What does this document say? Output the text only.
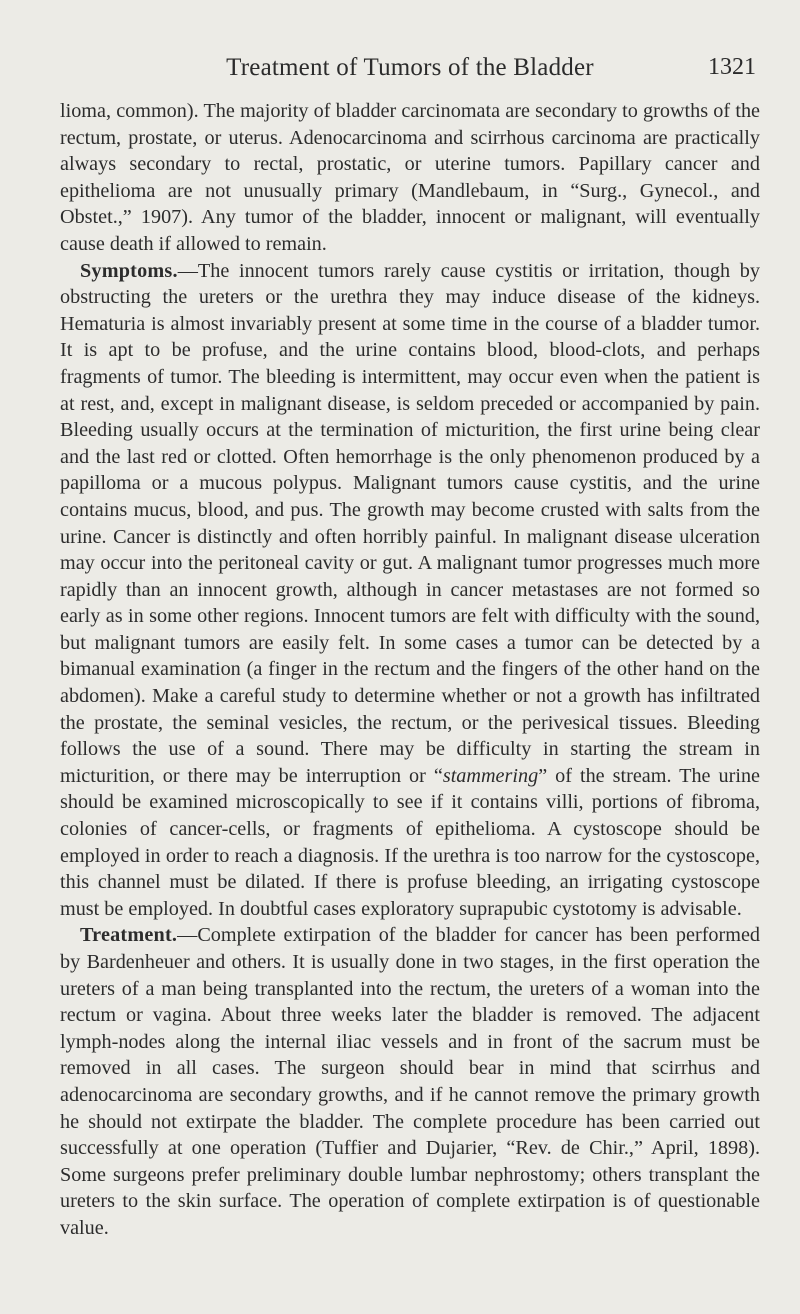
Treatment of Tumors of the Bladder	1321

lioma, common). The majority of bladder carcinomata are secondary to growths of the rectum, prostate, or uterus. Adenocarcinoma and scirrhous carcinoma are practically always secondary to rectal, prostatic, or uterine tumors. Papillary cancer and epithelioma are not unusually primary (Mandlebaum, in “Surg., Gynecol., and Obstet.,” 1907). Any tumor of the bladder, innocent or malignant, will eventually cause death if allowed to remain.

Symptoms.—The innocent tumors rarely cause cystitis or irritation, though by obstructing the ureters or the urethra they may induce disease of the kidneys. Hematuria is almost invariably present at some time in the course of a bladder tumor. It is apt to be profuse, and the urine contains blood, blood-clots, and perhaps fragments of tumor. The bleeding is intermittent, may occur even when the patient is at rest, and, except in malignant disease, is seldom preceded or accompanied by pain. Bleeding usually occurs at the termination of micturition, the first urine being clear and the last red or clotted. Often hemorrhage is the only phenomenon produced by a papilloma or a mucous polypus. Malignant tumors cause cystitis, and the urine contains mucus, blood, and pus. The growth may become crusted with salts from the urine. Cancer is distinctly and often horribly painful. In malignant disease ulceration may occur into the peritoneal cavity or gut. A malignant tumor progresses much more rapidly than an innocent growth, although in cancer metastases are not formed so early as in some other regions. Innocent tumors are felt with difficulty with the sound, but malignant tumors are easily felt. In some cases a tumor can be detected by a bimanual examination (a finger in the rectum and the fingers of the other hand on the abdomen). Make a careful study to determine whether or not a growth has infiltrated the prostate, the seminal vesicles, the rectum, or the perivesical tissues. Bleeding follows the use of a sound. There may be difficulty in starting the stream in micturition, or there may be interruption or “stammering” of the stream. The urine should be examined microscopically to see if it contains villi, portions of fibroma, colonies of cancer-cells, or fragments of epithelioma. A cystoscope should be employed in order to reach a diagnosis. If the urethra is too narrow for the cystoscope, this channel must be dilated. If there is profuse bleeding, an irrigating cystoscope must be employed. In doubtful cases exploratory suprapubic cystotomy is advisable.

Treatment.—Complete extirpation of the bladder for cancer has been performed by Bardenheuer and others. It is usually done in two stages, in the first operation the ureters of a man being transplanted into the rectum, the ureters of a woman into the rectum or vagina. About three weeks later the bladder is removed. The adjacent lymph-nodes along the internal iliac vessels and in front of the sacrum must be removed in all cases. The surgeon should bear in mind that scirrhus and adenocarcinoma are secondary growths, and if he cannot remove the primary growth he should not extirpate the bladder. The complete procedure has been carried out successfully at one operation (Tuffier and Dujarier, “Rev. de Chir.,” April, 1898). Some surgeons prefer preliminary double lumbar nephrostomy; others transplant the ureters to the skin surface. The operation of complete extirpation is of questionable value.
